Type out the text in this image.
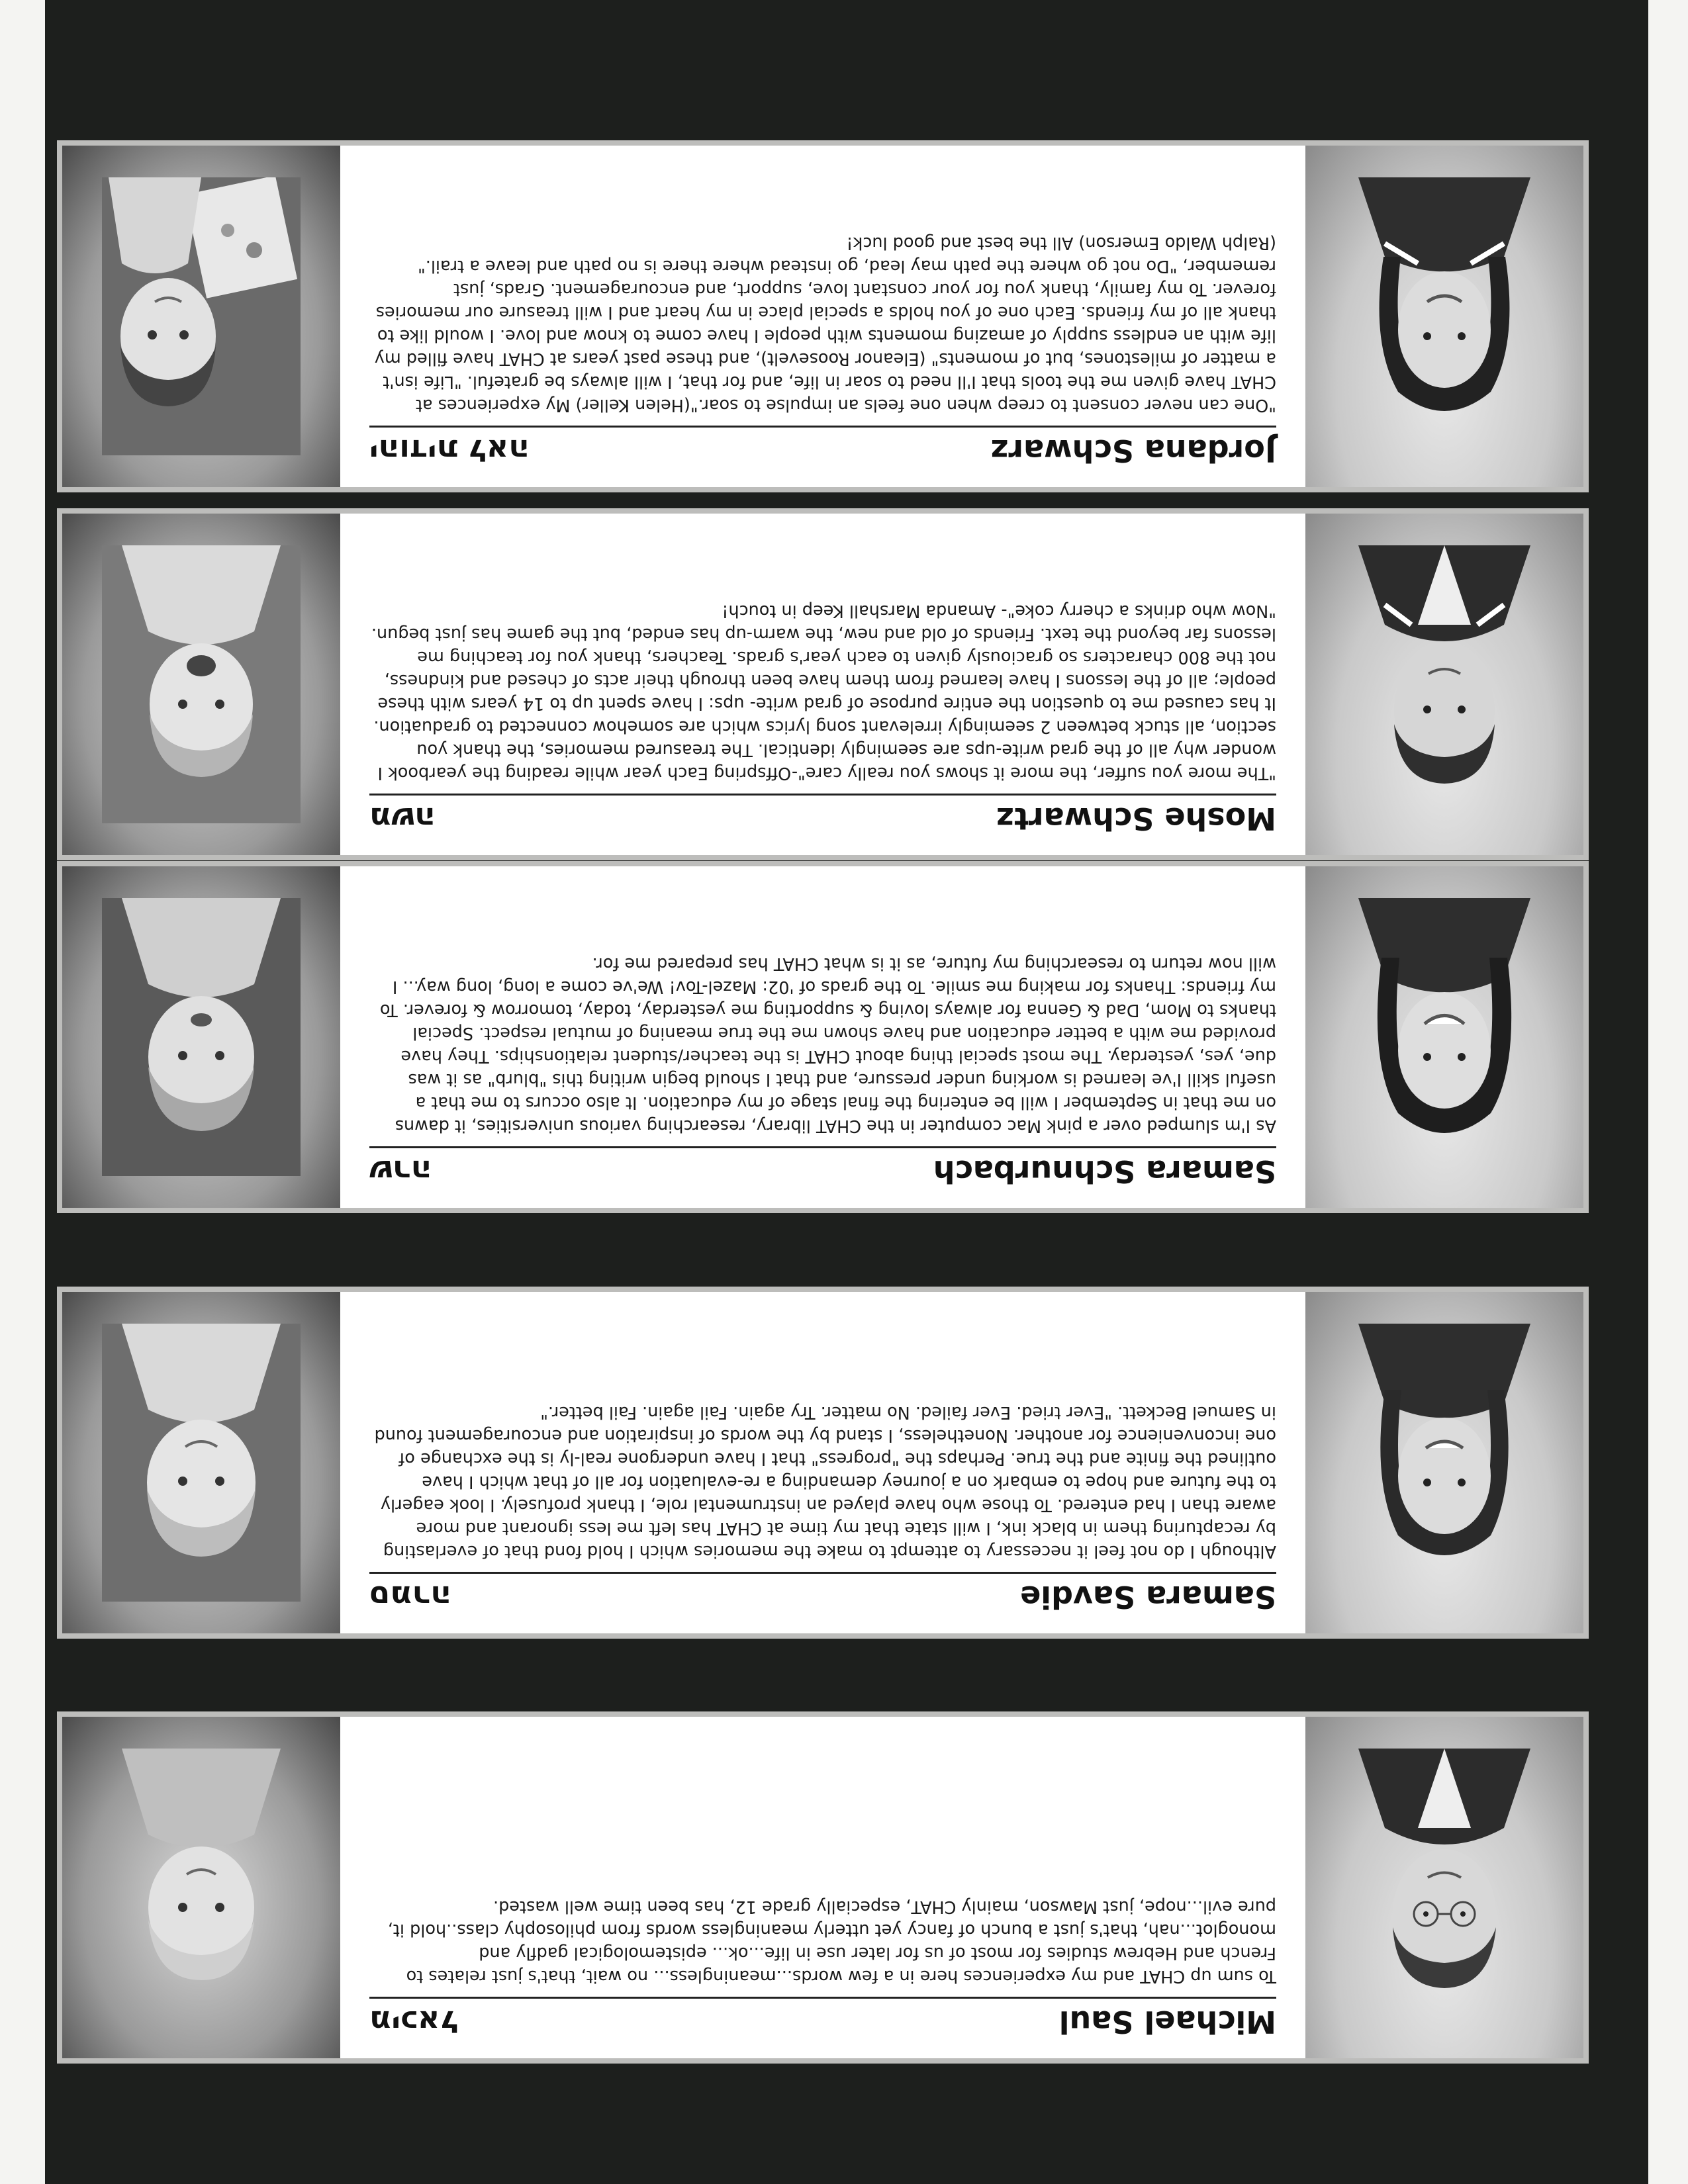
Michael Saul
מיכאל

To sum up CHAT and my experiences here in a few words...meaningless... no wait, that's just relates to French and Hebrew studies for most of us for later use in life...ok... epistemological gadfly and monoglot...nah, that's just a bunch of fancy yet utterly meaningless words from philosophy class..hold it, pure evil...nope, just Mawson, mainly CHAT, especially grade 12, has been time well wasted.

Samara Savdie
סמרה

Although I do not feel it necessary to attempt to make the memories which I hold fond that of everlasting by recapturing them in black ink, I will state that my time at CHAT has left me less ignorant and more aware than I had entered. To those who have played an instrumental role, I thank profusely. I look eagerly to the future and hope to embark on a journey demanding a re-evaluation for all of that which I have outlined the finite and the true. Perhaps the "progress" that I have undergone real-ly is the exchange of one inconvenience for another. Nonetheless, I stand by the words of inspiration and encouragement found in Samuel Beckett. "Ever tried. Ever failed. No matter. Try again. Fail again. Fail better."

Samara Schnurbach
שרה

As I'm slumped over a pink Mac computer in the CHAT library, researching various universities, it dawns on me that in September I will be entering the final stage of my education. It also occurs to me that a useful skill I've learned is working under pressure, and that I should begin writing this "blurb" as it was due, yes, yesterday. The most special thing about CHAT is the teacher/student relationships. They have provided me with a better education and have shown me the true meaning of mutual respect. Special thanks to Mom, Dad & Genna for always loving & supporting me yesterday, today, tomorrow & forever. To my friends: Thanks for making me smile. To the grads of '02: Mazel-Tov! We've come a long, long way... I will now return to researching my future, as it is what CHAT has prepared me for.

Moshe Schwartz
משה

"The more you suffer, the more it shows you really care"-Offspring Each year while reading the yearbook I wonder why all of the grad write-ups are seemingly identical. The treasured memories, the thank you section, all stuck between 2 seemingly irrelevant song lyrics which are somehow connected to graduation. It has caused me to question the entire purpose of grad write- ups: I have spent up to 14 years with these people; all of the lessons I have learned from them have been through their acts of chesed and kindness, not the 800 characters so graciously given to each year's grads. Teachers, thank you for teaching me lessons far beyond the text. Friends of old and new, the warm-up has ended, but the game has just begun. "Now who drinks a cherry coke"- Amanda Marshall Keep in touch!

Jordana Schwarz
יהודית לאה

"One can never consent to creep when one feels an impulse to soar."(Helen Keller) My experiences at CHAT have given me the tools that I'll need to soar in life, and for that, I will always be grateful. "Life isn't a matter of milestones, but of moments" (Eleanor Roosevelt), and these past years at CHAT have filled my life with an endless supply of amazing moments with people I have come to know and love. I would like to thank all of my friends. Each one of you holds a special place in my heart and I will treasure our memories forever. To my family, thank you for your constant love, support, and encouragement. Grads, just remember, "Do not go where the path may lead, go instead where there is no path and leave a trail." (Ralph Waldo Emerson) All the best and good luck!
